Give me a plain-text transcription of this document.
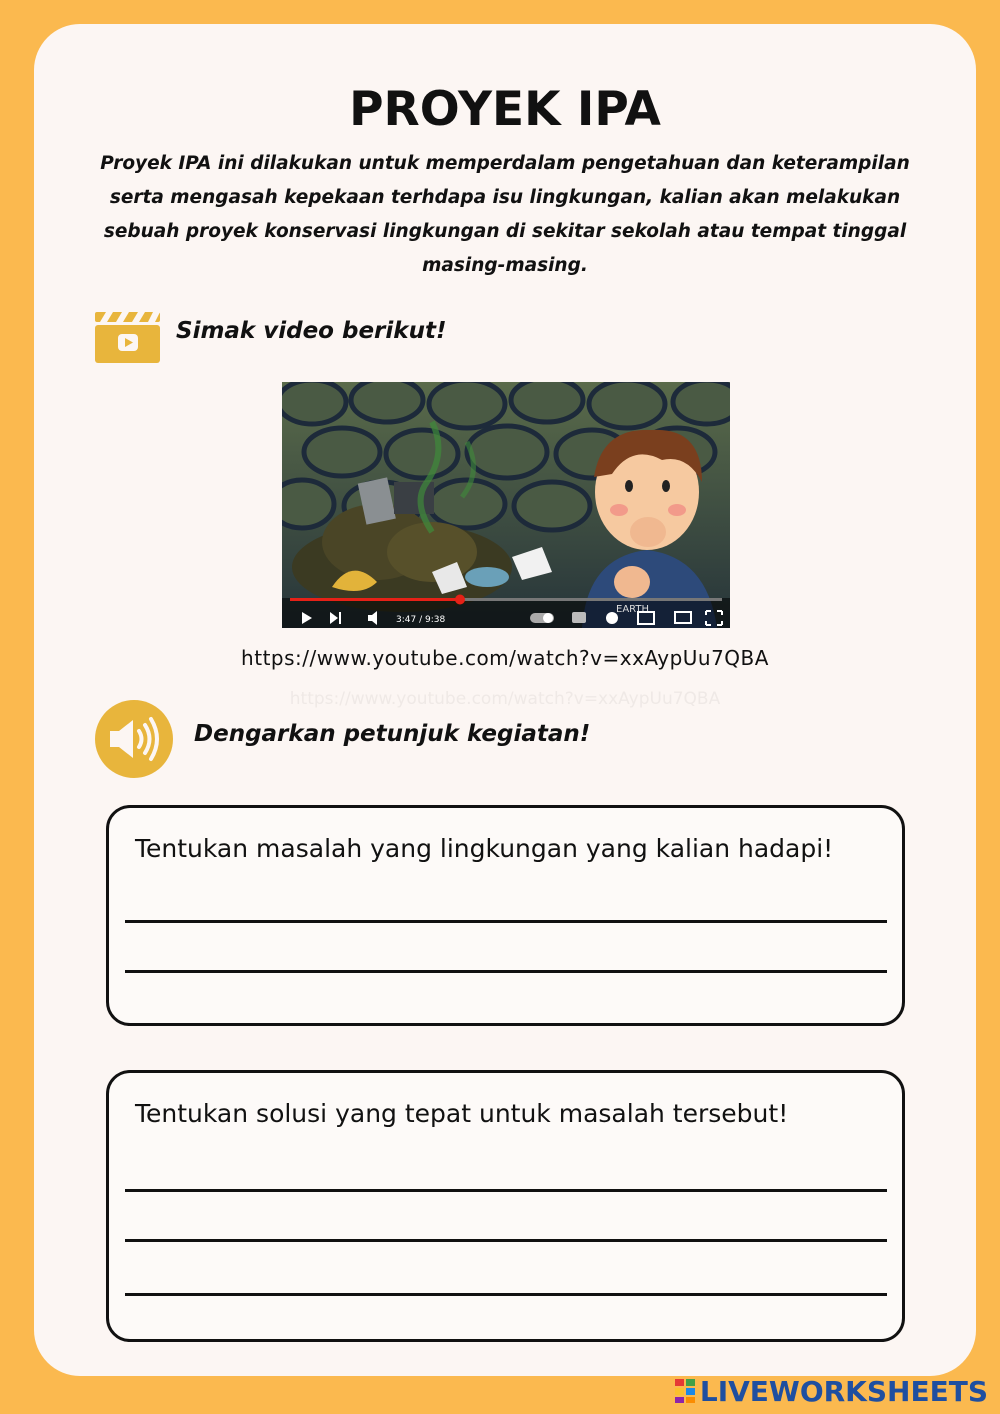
PROYEK IPA
Proyek IPA ini dilakukan untuk memperdalam pengetahuan dan keterampilan serta mengasah kepekaan terhdapa isu lingkungan, kalian akan melakukan sebuah proyek konservasi lingkungan di sekitar sekolah atau tempat tinggal masing-masing.
Simak video berikut!
3:47 / 9:38
EARTH
https://www.youtube.com/watch?v=xxAypUu7QBA
https://www.youtube.com/watch?v=xxAypUu7QBA
Dengarkan petunjuk kegiatan!
Tentukan masalah yang lingkungan yang kalian hadapi!
Tentukan solusi yang tepat untuk masalah tersebut!
LIVEWORKSHEETS
